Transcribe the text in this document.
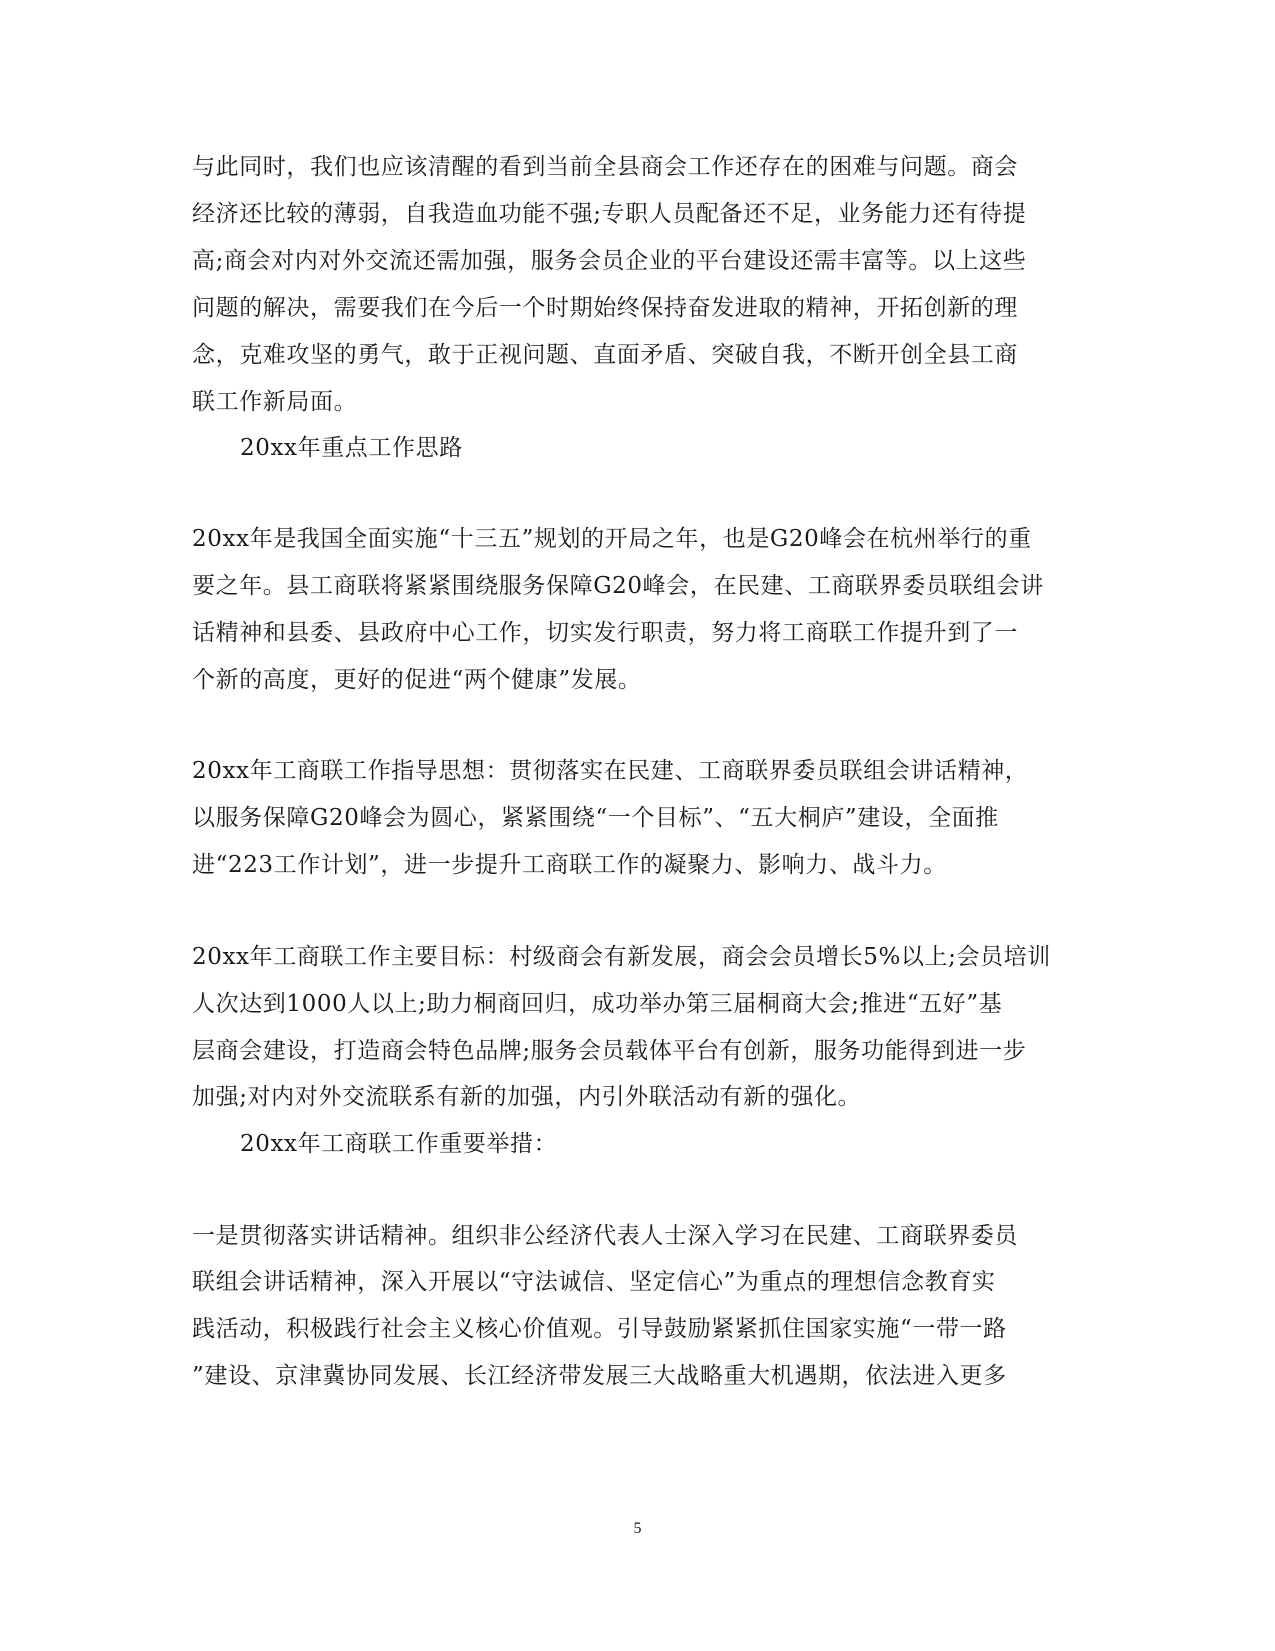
与此同时，我们也应该清醒的看到当前全县商会工作还存在的困难与问题。商会
经济还比较的薄弱，自我造血功能不强;专职人员配备还不足，业务能力还有待提
高;商会对内对外交流还需加强，服务会员企业的平台建设还需丰富等。以上这些
问题的解决，需要我们在今后一个时期始终保持奋发进取的精神，开拓创新的理
念，克难攻坚的勇气，敢于正视问题、直面矛盾、突破自我，不断开创全县工商
联工作新局面。
20xx年重点工作思路
20xx年是我国全面实施“十三五”规划的开局之年，也是G20峰会在杭州举行的重
要之年。县工商联将紧紧围绕服务保障G20峰会，在民建、工商联界委员联组会讲
话精神和县委、县政府中心工作，切实发行职责，努力将工商联工作提升到了一
个新的高度，更好的促进“两个健康”发展。
20xx年工商联工作指导思想：贯彻落实在民建、工商联界委员联组会讲话精神，
以服务保障G20峰会为圆心，紧紧围绕“一个目标”、“五大桐庐”建设，全面推
进“223工作计划”，进一步提升工商联工作的凝聚力、影响力、战斗力。
20xx年工商联工作主要目标：村级商会有新发展，商会会员增长5%以上;会员培训
人次达到1000人以上;助力桐商回归，成功举办第三届桐商大会;推进“五好”基
层商会建设，打造商会特色品牌;服务会员载体平台有创新，服务功能得到进一步
加强;对内对外交流联系有新的加强，内引外联活动有新的强化。
20xx年工商联工作重要举措：
一是贯彻落实讲话精神。组织非公经济代表人士深入学习在民建、工商联界委员
联组会讲话精神，深入开展以“守法诚信、坚定信心”为重点的理想信念教育实
践活动，积极践行社会主义核心价值观。引导鼓励紧紧抓住国家实施“一带一路
”建设、京津冀协同发展、长江经济带发展三大战略重大机遇期，依法进入更多
5
